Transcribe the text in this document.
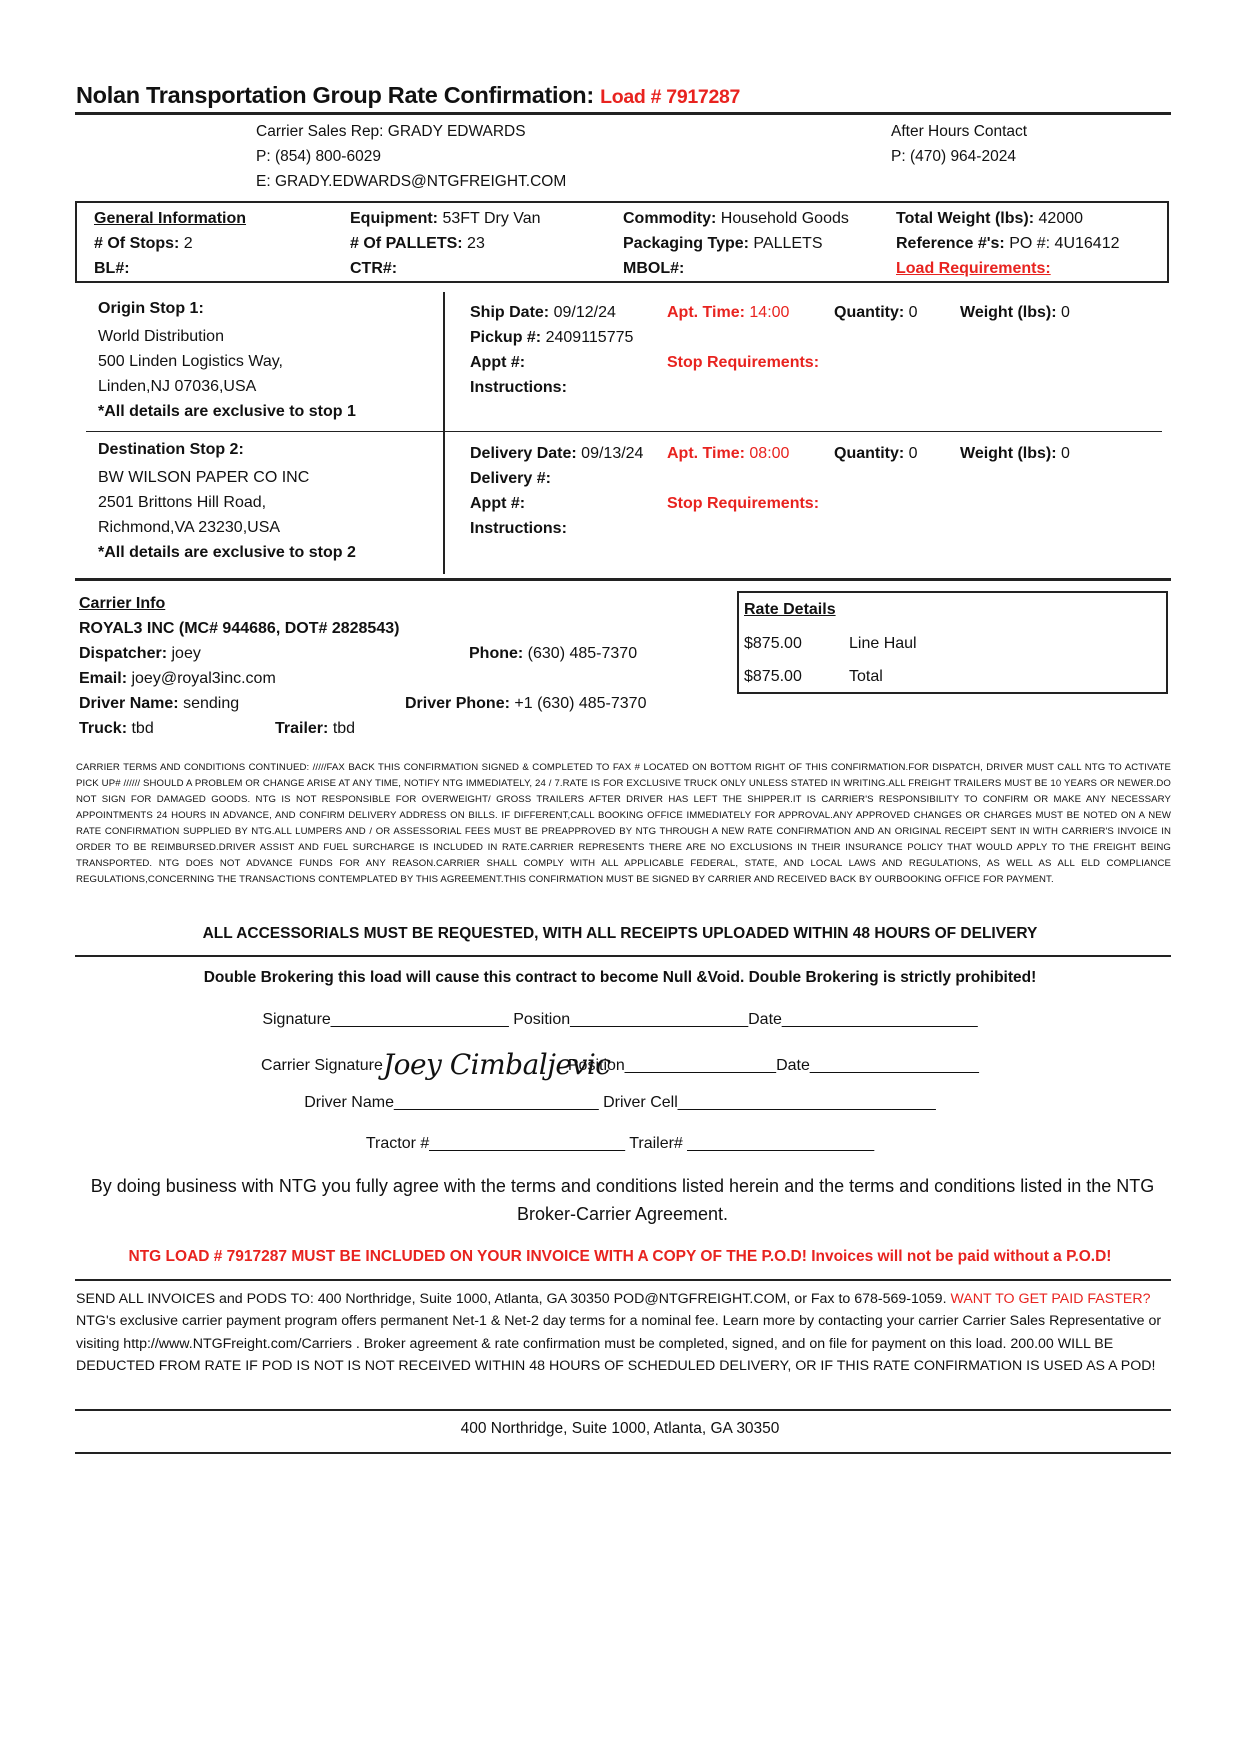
Nolan Transportation Group Rate Confirmation: Load # 7917287
Carrier Sales Rep: GRADY EDWARDS
P: (854) 800-6029
E: GRADY.EDWARDS@NTGFREIGHT.COM
After Hours Contact
P: (470) 964-2024
General Information	Equipment: 53FT Dry Van	Commodity: Household Goods	Total Weight (lbs): 42000
# Of Stops: 2	# Of PALLETS: 23	Packaging Type: PALLETS	Reference #'s: PO #: 4U16412
BL#:	CTR#:	MBOL#:	Load Requirements:
Origin Stop 1:
World Distribution
500 Linden Logistics Way,
Linden,NJ 07036,USA
*All details are exclusive to stop 1
Ship Date: 09/12/24	Apt. Time: 14:00	Quantity: 0	Weight (lbs): 0
Pickup #: 2409115775
Appt #:	Stop Requirements:
Instructions:
Destination Stop 2:
BW WILSON PAPER CO INC
2501 Brittons Hill Road,
Richmond,VA 23230,USA
*All details are exclusive to stop 2
Delivery Date: 09/13/24 Apt. Time: 08:00	Quantity: 0	Weight (lbs): 0
Delivery #:
Appt #:	Stop Requirements:
Instructions:
Carrier Info
ROYAL3 INC (MC# 944686, DOT# 2828543)
Dispatcher: joey	Phone: (630) 485-7370
Email: joey@royal3inc.com
Driver Name: sending	Driver Phone: +1 (630) 485-7370
Truck: tbd	Trailer: tbd
Rate Details
$875.00	Line Haul
$875.00	Total
CARRIER TERMS AND CONDITIONS CONTINUED: /////FAX BACK THIS CONFIRMATION SIGNED & COMPLETED TO FAX # LOCATED ON BOTTOM RIGHT OF THIS CONFIRMATION.FOR DISPATCH, DRIVER MUST CALL NTG TO ACTIVATE PICK UP# ////// SHOULD A PROBLEM OR CHANGE ARISE AT ANY TIME, NOTIFY NTG IMMEDIATELY, 24 / 7.RATE IS FOR EXCLUSIVE TRUCK ONLY UNLESS STATED IN WRITING.ALL FREIGHT TRAILERS MUST BE 10 YEARS OR NEWER.DO NOT SIGN FOR DAMAGED GOODS. NTG IS NOT RESPONSIBLE FOR OVERWEIGHT/ GROSS TRAILERS AFTER DRIVER HAS LEFT THE SHIPPER.IT IS CARRIER'S RESPONSIBILITY TO CONFIRM OR MAKE ANY NECESSARY APPOINTMENTS 24 HOURS IN ADVANCE, AND CONFIRM DELIVERY ADDRESS ON BILLS. IF DIFFERENT,CALL BOOKING OFFICE IMMEDIATELY FOR APPROVAL.ANY APPROVED CHANGES OR CHARGES MUST BE NOTED ON A NEW RATE CONFIRMATION SUPPLIED BY NTG.ALL LUMPERS AND / OR ASSESSORIAL FEES MUST BE PREAPPROVED BY NTG THROUGH A NEW RATE CONFIRMATION AND AN ORIGINAL RECEIPT SENT IN WITH CARRIER'S INVOICE IN ORDER TO BE REIMBURSED.DRIVER ASSIST AND FUEL SURCHARGE IS INCLUDED IN RATE.CARRIER REPRESENTS THERE ARE NO EXCLUSIONS IN THEIR INSURANCE POLICY THAT WOULD APPLY TO THE FREIGHT BEING TRANSPORTED. NTG DOES NOT ADVANCE FUNDS FOR ANY REASON.CARRIER SHALL COMPLY WITH ALL APPLICABLE FEDERAL, STATE, AND LOCAL LAWS AND REGULATIONS, AS WELL AS ALL ELD COMPLIANCE REGULATIONS,CONCERNING THE TRANSACTIONS CONTEMPLATED BY THIS AGREEMENT.THIS CONFIRMATION MUST BE SIGNED BY CARRIER AND RECEIVED BACK BY OURBOOKING OFFICE FOR PAYMENT.
ALL ACCESSORIALS MUST BE REQUESTED, WITH ALL RECEIPTS UPLOADED WITHIN 48 HOURS OF DELIVERY
Double Brokering this load will cause this contract to become Null &Void. Double Brokering is strictly prohibited!
Signature____________________ Position____________________Date______________________
Carrier SignatureJoey CimbaljevicPosition_________________Date___________________
Driver Name_______________________ Driver Cell_____________________________
Tractor #______________________ Trailer# _____________________
By doing business with NTG you fully agree with the terms and conditions listed herein and the terms and conditions listed in the NTG Broker-Carrier Agreement.
NTG LOAD # 7917287 MUST BE INCLUDED ON YOUR INVOICE WITH A COPY OF THE P.O.D! Invoices will not be paid without a P.O.D!
SEND ALL INVOICES and PODS TO: 400 Northridge, Suite 1000, Atlanta, GA 30350 POD@NTGFREIGHT.COM, or Fax to 678-569-1059. WANT TO GET PAID FASTER? NTG's exclusive carrier payment program offers permanent Net-1 & Net-2 day terms for a nominal fee. Learn more by contacting your carrier Carrier Sales Representative or visiting http://www.NTGFreight.com/Carriers . Broker agreement & rate confirmation must be completed, signed, and on file for payment on this load. 200.00 WILL BE DEDUCTED FROM RATE IF POD IS NOT IS NOT RECEIVED WITHIN 48 HOURS OF SCHEDULED DELIVERY, OR IF THIS RATE CONFIRMATION IS USED AS A POD!
400 Northridge, Suite 1000, Atlanta, GA 30350
